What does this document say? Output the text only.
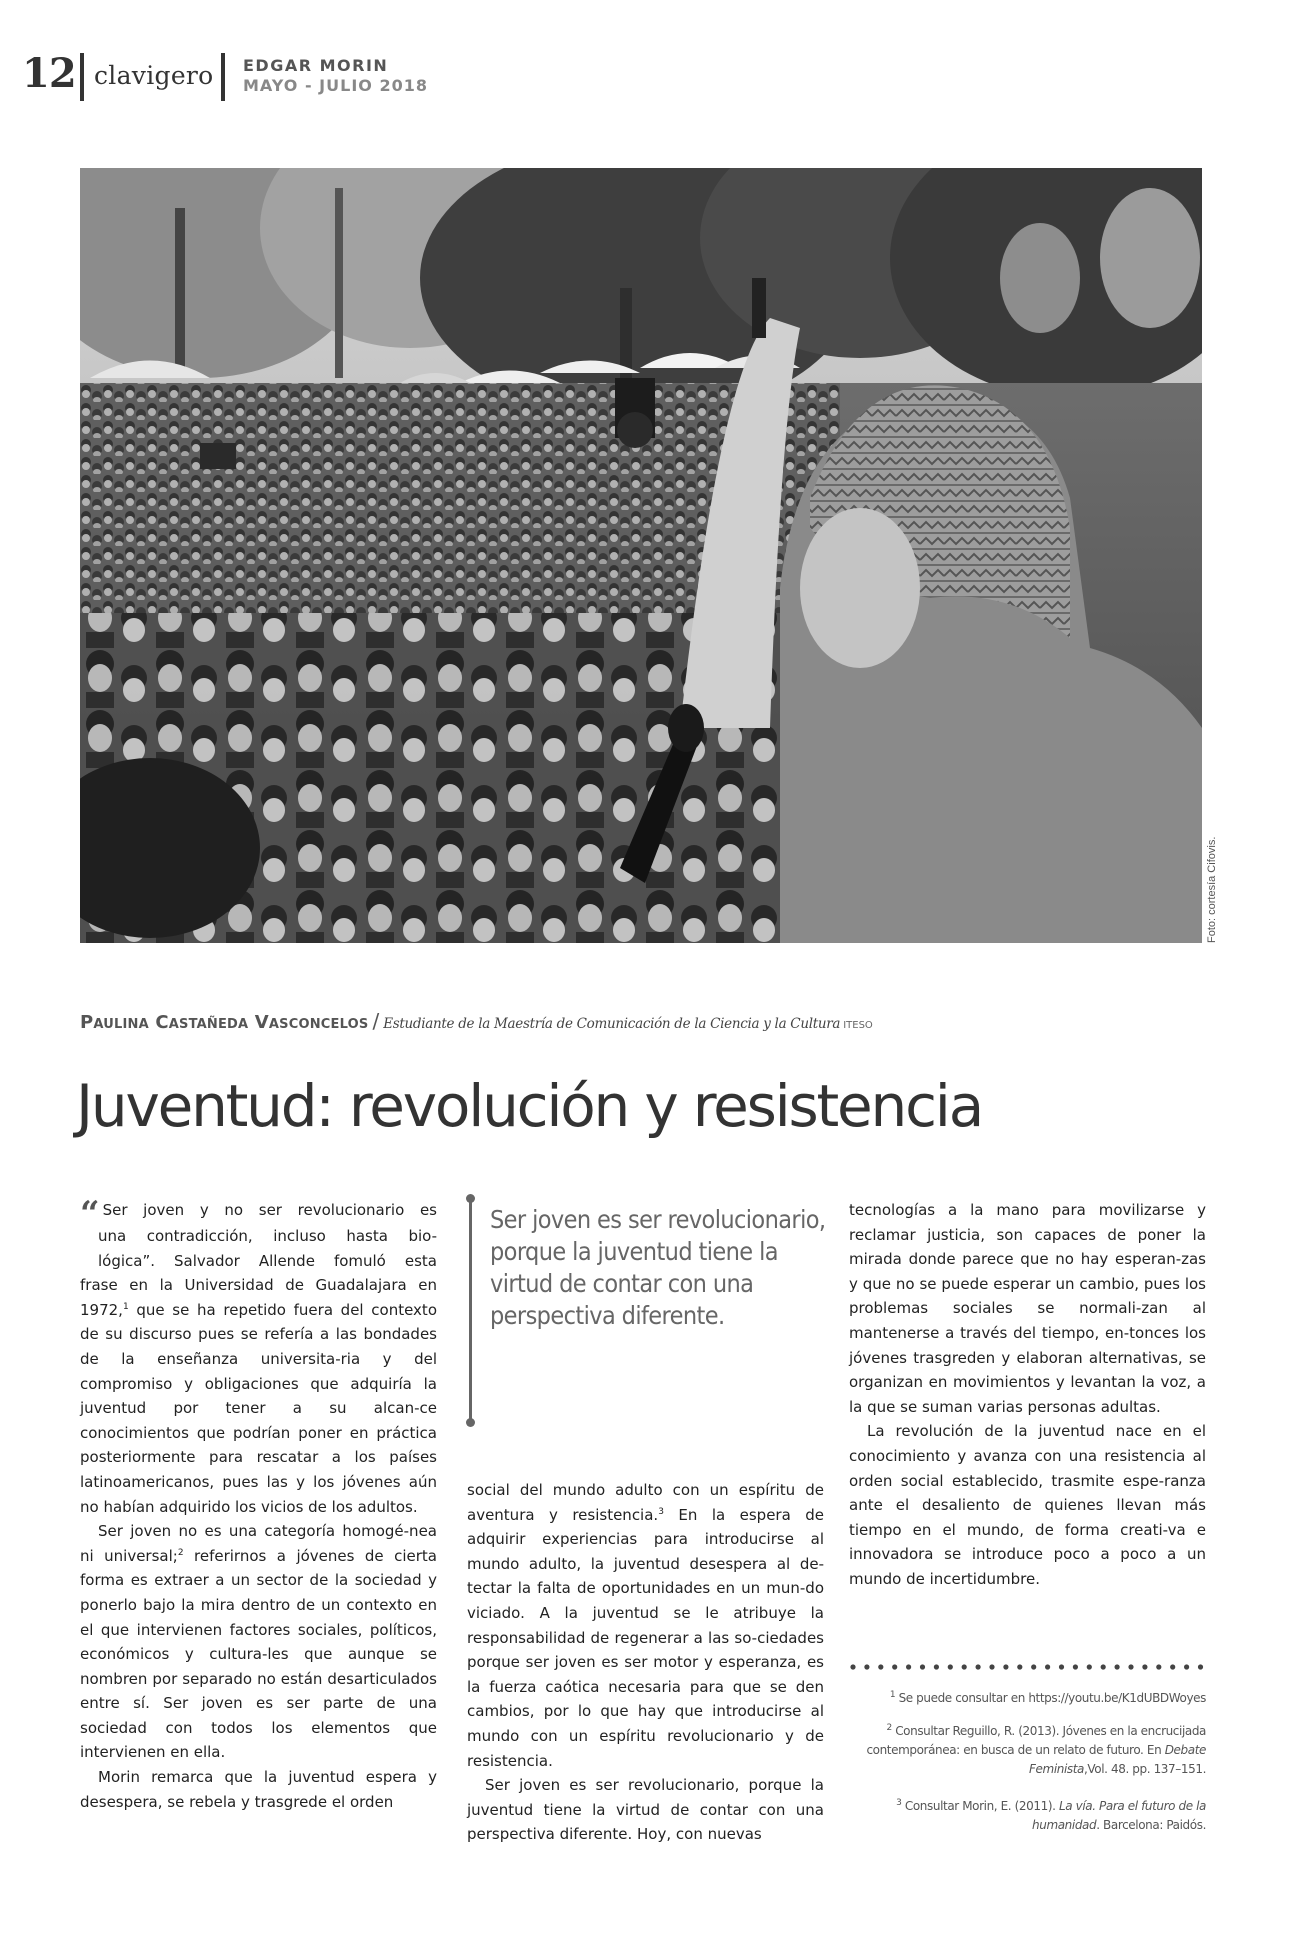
12 clavigero EDGAR MORIN
MAYO - JULIO 2018
Foto: cortesía Cifovis.
Paulina Castañeda Vasconcelos / Estudiante de la Maestría de Comunicación de la Ciencia y la Cultura ITESO
Juventud: revolución y resistencia

“ Ser joven y no ser revolucionario es
una contradicción, incluso hasta bio-
lógica”. Salvador Allende fomuló esta
frase en la Universidad de Guadalajara en 1972,$^1$ que se ha repetido fuera del contexto de su discurso pues se refería a las bondades de la enseñanza universita-ria y del compromiso y obligaciones que adquiría la juventud por tener a su alcan-ce conocimientos que podrían poner en práctica posteriormente para rescatar a los países latinoamericanos, pues las y los jóvenes aún no habían adquirido los vicios de los adultos.

Ser joven no es una categoría homogé-nea ni universal;$^2$ referirnos a jóvenes de cierta forma es extraer a un sector de la sociedad y ponerlo bajo la mira dentro de un contexto en el que intervienen factores sociales, políticos, económicos y cultura-les que aunque se nombren por separado no están desarticulados entre sí. Ser joven es ser parte de una sociedad con todos los elementos que intervienen en ella.

Morin remarca que la juventud espera y desespera, se rebela y trasgrede el orden

Ser joven es ser revolucionario, porque la juventud tiene la virtud de contar con una perspectiva diferente.

social del mundo adulto con un espíritu de aventura y resistencia.$^3$ En la espera de adquirir experiencias para introducirse al mundo adulto, la juventud desespera al de-tectar la falta de oportunidades en un mun-do viciado. A la juventud se le atribuye la responsabilidad de regenerar a las so-ciedades porque ser joven es ser motor y esperanza, es la fuerza caótica necesaria para que se den cambios, por lo que hay que introducirse al mundo con un espíritu revolucionario y de resistencia.

Ser joven es ser revolucionario, porque la juventud tiene la virtud de contar con una perspectiva diferente. Hoy, con nuevas

tecnologías a la mano para movilizarse y reclamar justicia, son capaces de poner la mirada donde parece que no hay esperan-zas y que no se puede esperar un cambio, pues los problemas sociales se normali-zan al mantenerse a través del tiempo, en-tonces los jóvenes trasgreden y elaboran alternativas, se organizan en movimientos y levantan la voz, a la que se suman varias personas adultas.

La revolución de la juventud nace en el conocimiento y avanza con una resistencia al orden social establecido, trasmite espe-ranza ante el desaliento de quienes llevan más tiempo en el mundo, de forma creati-va e innovadora se introduce poco a poco a un mundo de incertidumbre.

$^1$ Se puede consultar en https://youtu.be/K1dUBDWoyes
$^2$ Consultar Reguillo, R. (2013). Jóvenes en la encrucijada contemporánea: en busca de un relato de futuro. En Debate Feminista,Vol. 48. pp. 137–151.
$^3$ Consultar Morin, E. (2011). La vía. Para el futuro de la humanidad. Barcelona: Paidós.
